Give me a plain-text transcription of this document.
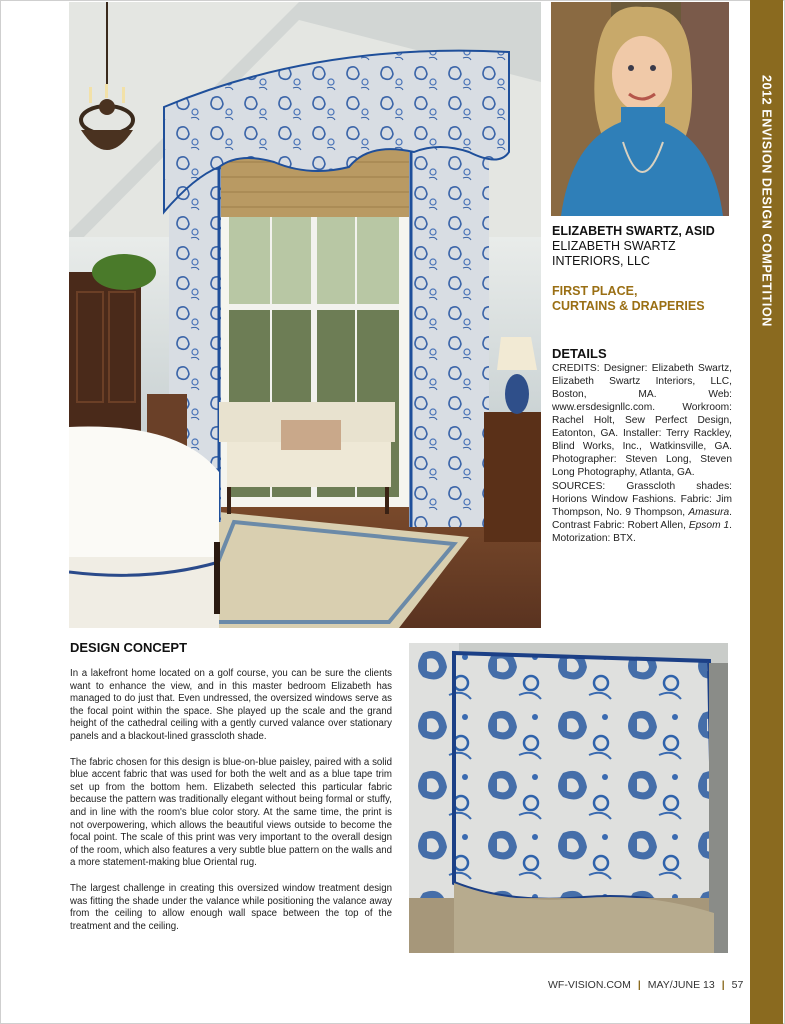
ELIZABETH SWARTZ, ASID
ELIZABETH SWARTZ
INTERIORS, LLC
FIRST PLACE,
CURTAINS & DRAPERIES
DETAILS
CREDITS: Designer: Elizabeth Swartz, Elizabeth Swartz Interiors, LLC, Boston, MA. Web: www.ersdesignllc.com. Workroom: Rachel Holt, Sew Perfect Design, Eatonton, GA. Installer: Terry Rackley, Blind Works, Inc., Watkinsville, GA. Photographer: Steven Long, Steven Long Photography, Atlanta, GA.
SOURCES: Grasscloth shades: Horions Window Fashions. Fabric: Jim Thompson, No. 9 Thompson, Amasura. Contrast Fabric: Robert Allen, Epsom 1. Motorization: BTX.
DESIGN CONCEPT

In a lakefront home located on a golf course, you can be sure the clients want to enhance the view, and in this master bedroom Elizabeth has managed to do just that. Even undressed, the oversized windows serve as the focal point within the space. She played up the scale and the grand height of the cathedral ceiling with a gently curved valance over stationary panels and a blackout-lined grasscloth shade.

The fabric chosen for this design is blue-on-blue paisley, paired with a solid blue accent fabric that was used for both the welt and as a blue tape trim set up from the bottom hem. Elizabeth selected this particular fabric because the pattern was traditionally elegant without being formal or stuffy, and in line with the room's blue color story. At the same time, the print is not overpowering, which allows the beautiful views outside to become the focal point. The scale of this print was very important to the overall design of the room, which also features a very subtle blue pattern on the walls and a more statement-making blue Oriental rug.

The largest challenge in creating this oversized window treatment design was fitting the shade under the valance while positioning the valance away from the ceiling to allow enough wall space between the top of the treatment and the ceiling.

WF-VISION.COM | MAY/JUNE 13 | 57
2012 ENVISION DESIGN COMPETITION
